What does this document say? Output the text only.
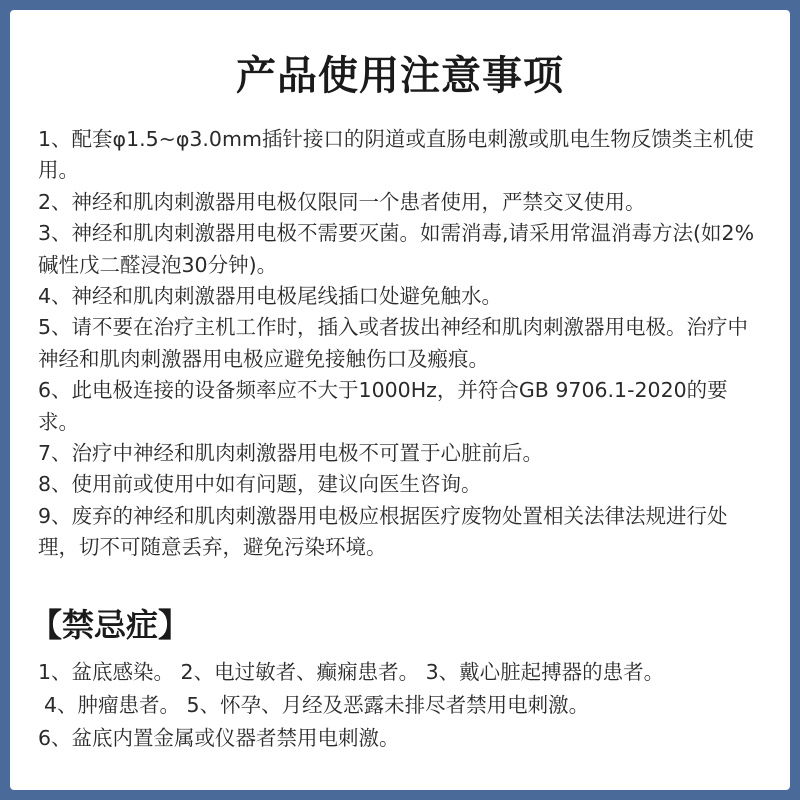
产品使用注意事项

1、配套φ1.5~φ3.0mm插针接口的阴道或直肠电刺激或肌电生物反馈类主机使用。

2、神经和肌肉刺激器用电极仅限同一个患者使用，严禁交叉使用。

3、神经和肌肉刺激器用电极不需要灭菌。如需消毒,请采用常温消毒方法(如2%碱性戊二醛浸泡30分钟)。

4、神经和肌肉刺激器用电极尾线插口处避免触水。

5、请不要在治疗主机工作时，插入或者拔出神经和肌肉刺激器用电极。治疗中神经和肌肉刺激器用电极应避免接触伤口及瘢痕。

6、此电极连接的设备频率应不大于1000Hz，并符合GB 9706.1-2020的要求。

7、治疗中神经和肌肉刺激器用电极不可置于心脏前后。

8、使用前或使用中如有问题，建议向医生咨询。

9、废弃的神经和肌肉刺激器用电极应根据医疗废物处置相关法律法规进行处理，切不可随意丢弃，避免污染环境。

【禁忌症】

1、盆底感染。 2、电过敏者、癫痫患者。 3、戴心脏起搏器的患者。

4、肿瘤患者。 5、怀孕、月经及恶露未排尽者禁用电刺激。

6、盆底内置金属或仪器者禁用电刺激。
